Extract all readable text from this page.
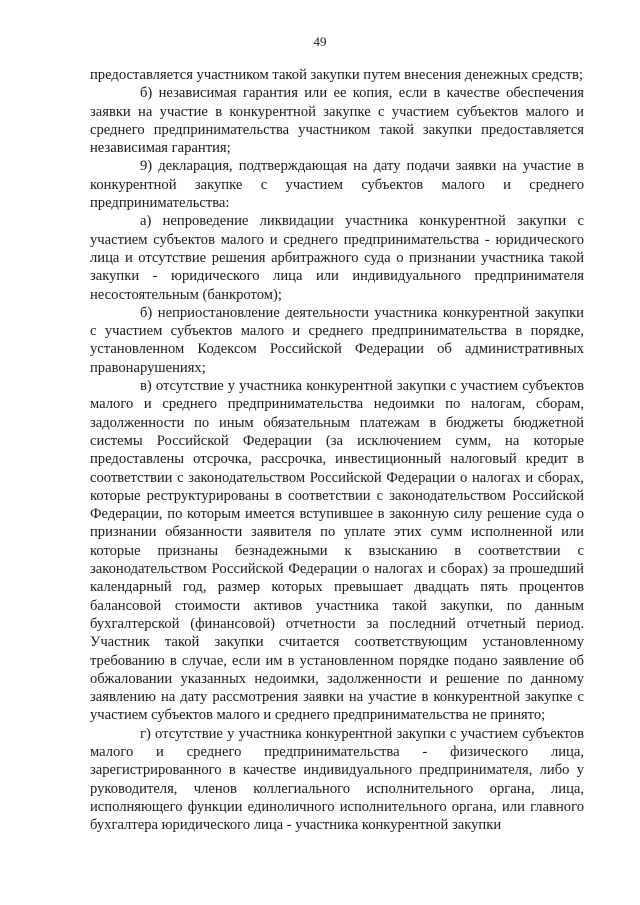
49

предоставляется участником такой закупки путем внесения денежных средств;

б) независимая гарантия или ее копия, если в качестве обеспечения заявки на участие в конкурентной закупке с участием субъектов малого и среднего предпринимательства участником такой закупки предоставляется независимая гарантия;

9) декларация, подтверждающая на дату подачи заявки на участие в конкурентной закупке с участием субъектов малого и среднего предпринимательства:

а) непроведение ликвидации участника конкурентной закупки с участием субъектов малого и среднего предпринимательства - юридического лица и отсутствие решения арбитражного суда о признании участника такой закупки - юридического лица или индивидуального предпринимателя несостоятельным (банкротом);

б) неприостановление деятельности участника конкурентной закупки с участием субъектов малого и среднего предпринимательства в порядке, установленном Кодексом Российской Федерации об административных правонарушениях;

в) отсутствие у участника конкурентной закупки с участием субъектов малого и среднего предпринимательства недоимки по налогам, сборам, задолженности по иным обязательным платежам в бюджеты бюджетной системы Российской Федерации (за исключением сумм, на которые предоставлены отсрочка, рассрочка, инвестиционный налоговый кредит в соответствии с законодательством Российской Федерации о налогах и сборах, которые реструктурированы в соответствии с законодательством Российской Федерации, по которым имеется вступившее в законную силу решение суда о признании обязанности заявителя по уплате этих сумм исполненной или которые признаны безнадежными к взысканию в соответствии с законодательством Российской Федерации о налогах и сборах) за прошедший календарный год, размер которых превышает двадцать пять процентов балансовой стоимости активов участника такой закупки, по данным бухгалтерской (финансовой) отчетности за последний отчетный период. Участник такой закупки считается соответствующим установленному требованию в случае, если им в установленном порядке подано заявление об обжаловании указанных недоимки, задолженности и решение по данному заявлению на дату рассмотрения заявки на участие в конкурентной закупке с участием субъектов малого и среднего предпринимательства не принято;

г) отсутствие у участника конкурентной закупки с участием субъектов малого и среднего предпринимательства - физического лица, зарегистрированного в качестве индивидуального предпринимателя, либо у руководителя, членов коллегиального исполнительного органа, лица, исполняющего функции единоличного исполнительного органа, или главного бухгалтера юридического лица - участника конкурентной закупки
